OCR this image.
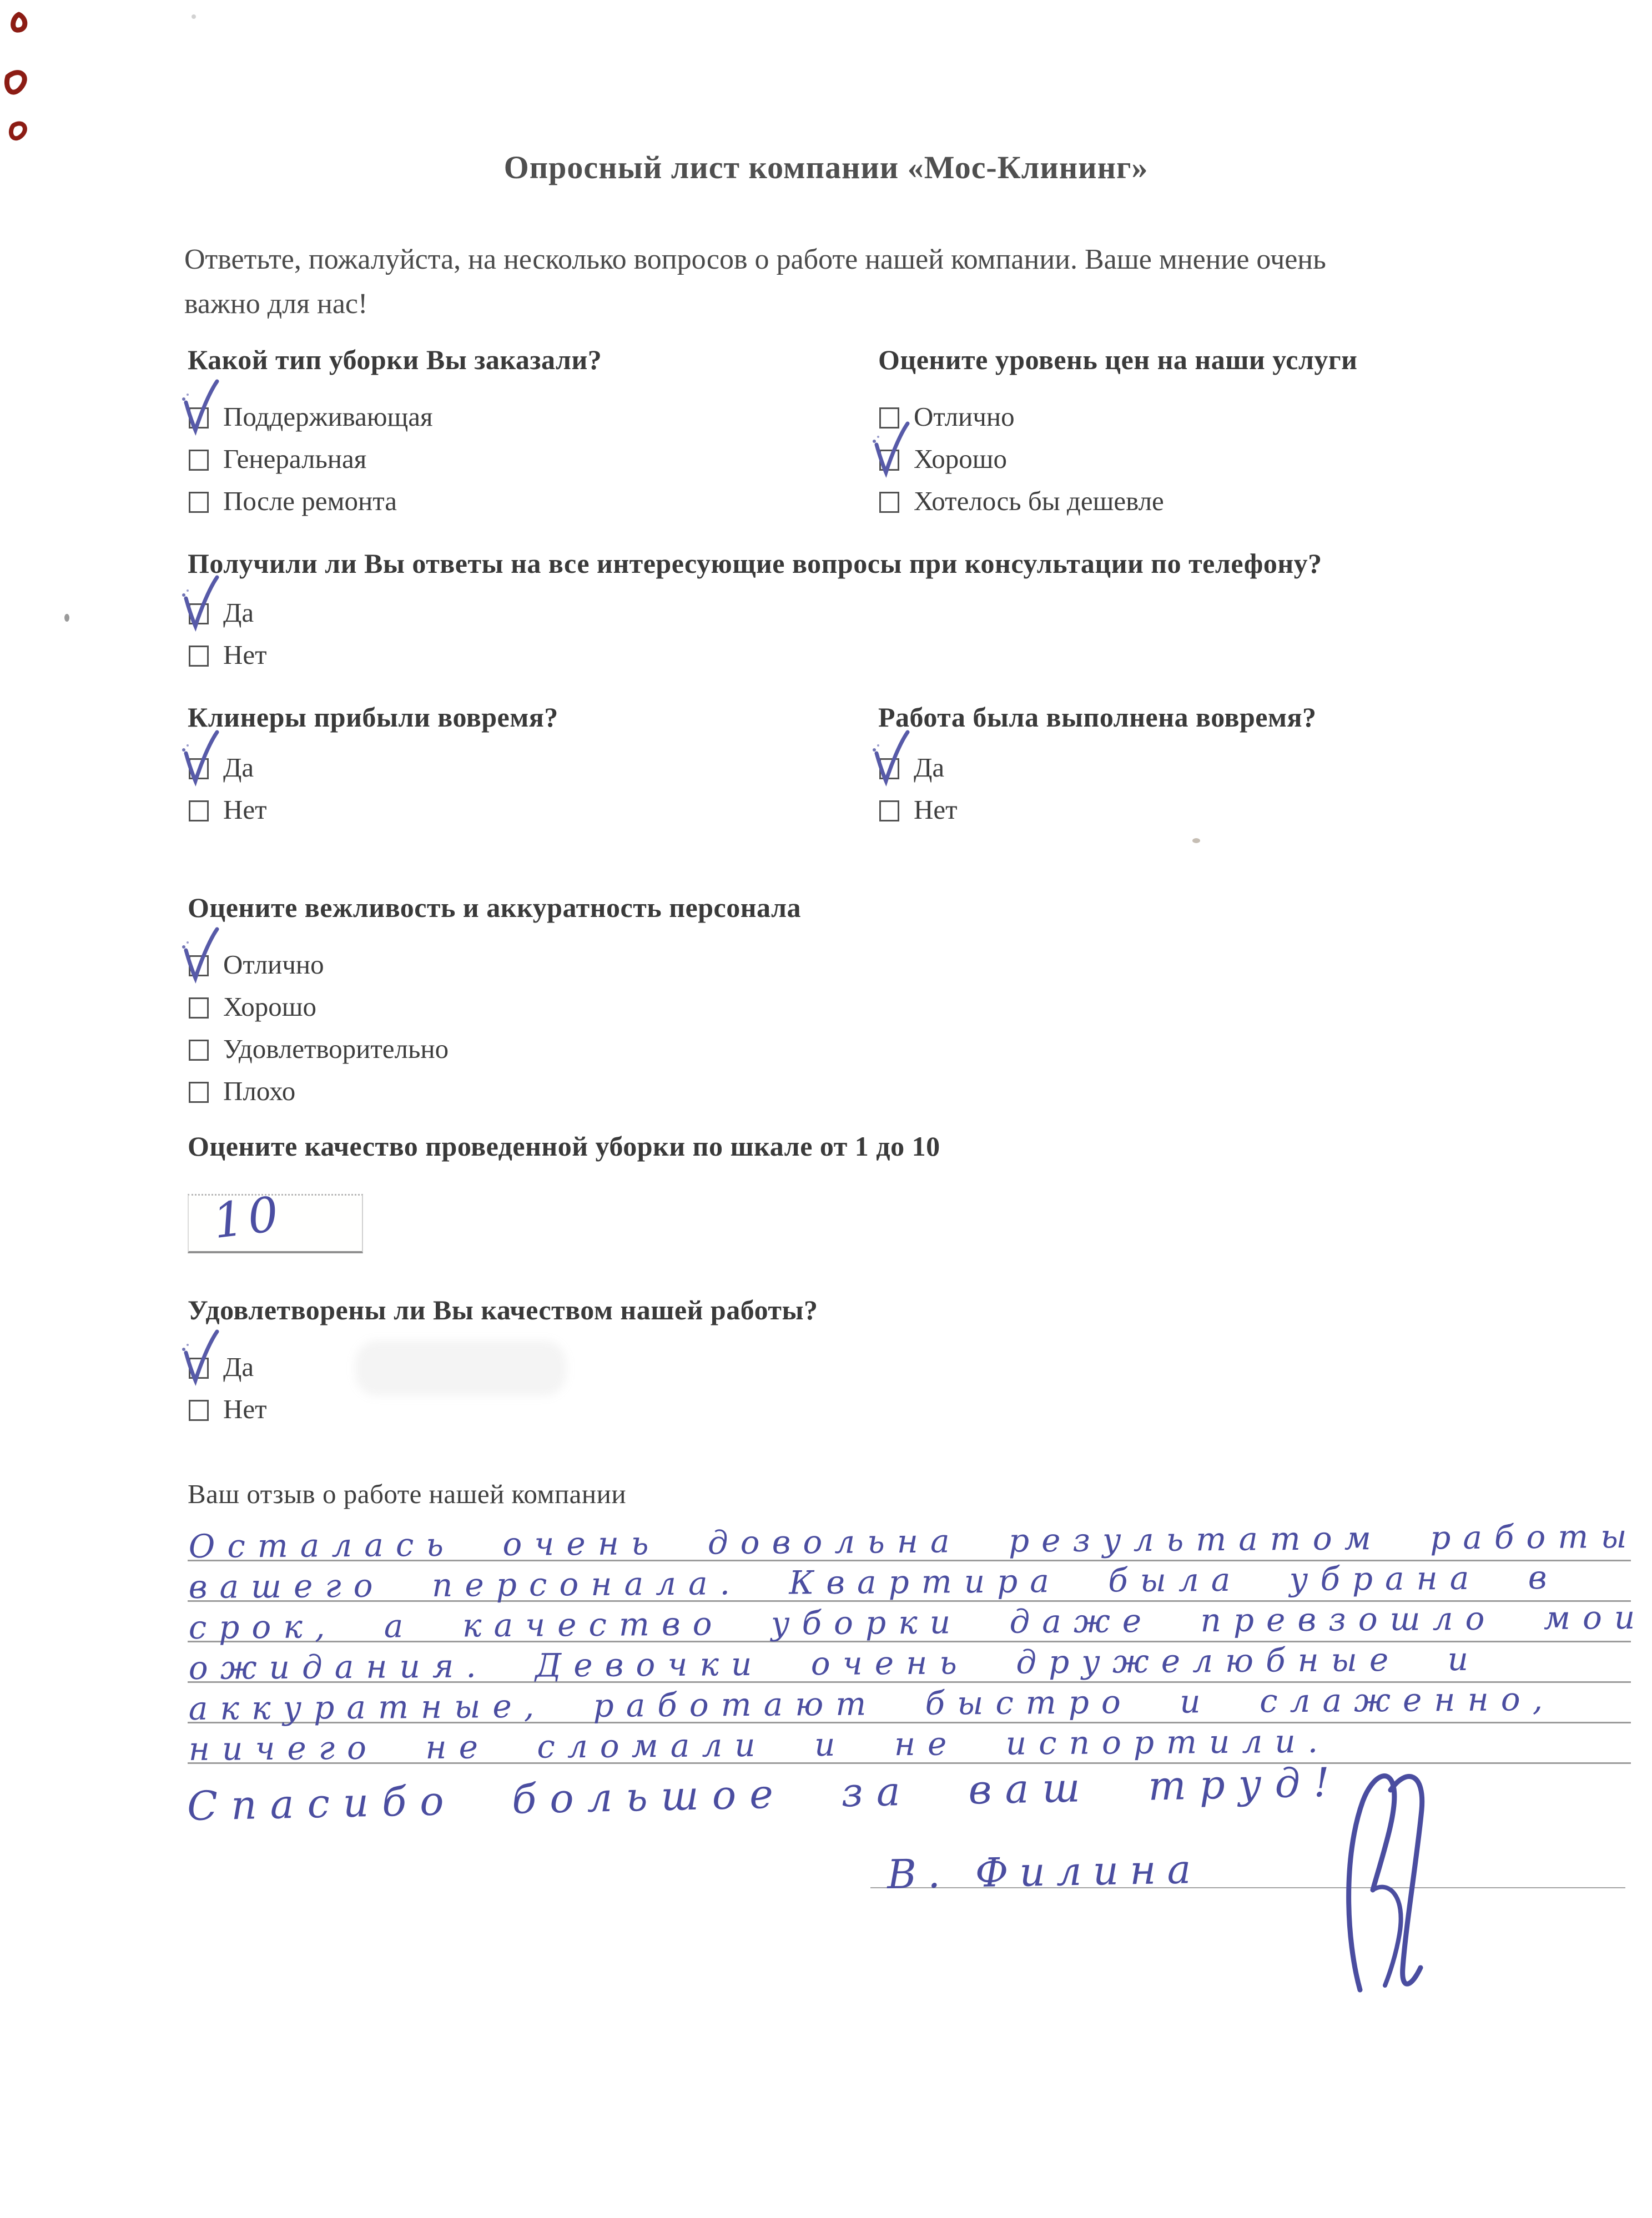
Опросный лист компании «Мос-Клининг»
Ответьте, пожалуйста, на несколько вопросов о работе нашей компании. Ваше мнение очень
важно для нас!
Какой тип уборки Вы заказали?
Поддерживающая
Генеральная
После ремонта
Оцените уровень цен на наши услуги
Отлично
Хорошо
Хотелось бы дешевле
Получили ли Вы ответы на все интересующие вопросы при консультации по телефону?
Да
Нет
Клинеры прибыли вовремя?
Да
Нет
Работа была выполнена вовремя?
Да
Нет
Оцените вежливость и аккуратность персонала
Отлично
Хорошо
Удовлетворительно
Плохо
Оцените качество проведенной уборки по шкале от 1 до 10
10
Удовлетворены ли Вы качеством нашей работы?
Да
Нет
Ваш отзыв о работе нашей компании
Осталась очень довольна результатом работы
вашего персонала. Квартира была убрана в
срок, а качество уборки даже превзошло мои
ожидания. Девочки очень дружелюбные и
аккуратные, работают быстро и слаженно,
ничего не сломали и не испортили.
Спасибо большое за ваш труд!
В. Филина
